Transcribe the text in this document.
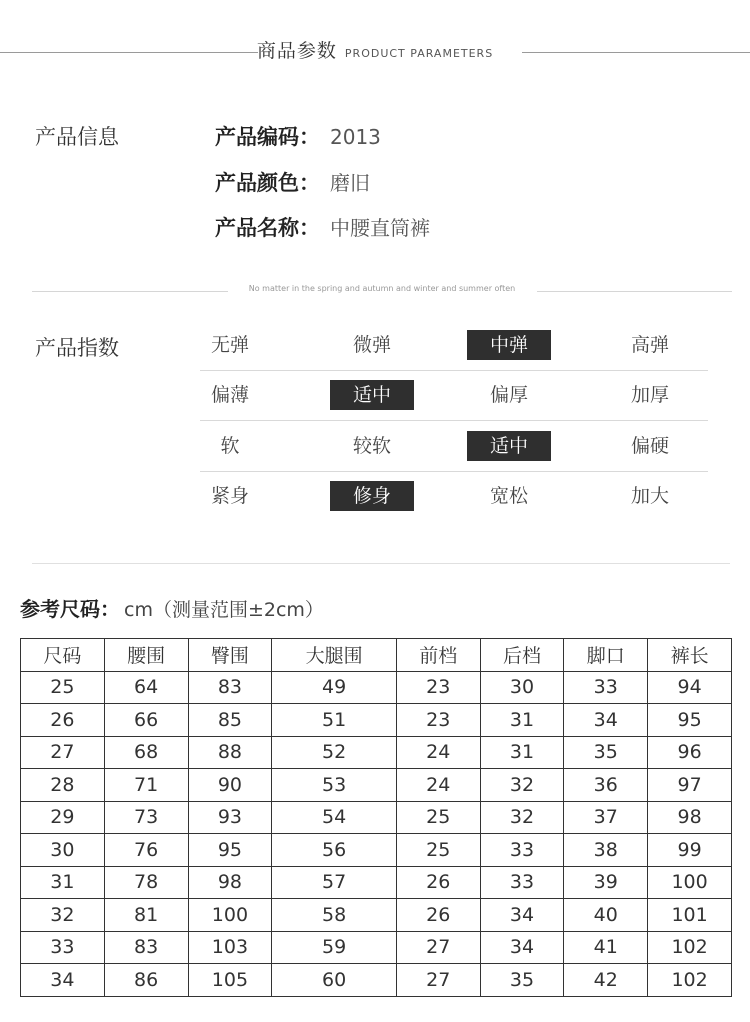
商品参数 PRODUCT PARAMETERS
产品信息	产品编码： 2013
产品颜色： 磨旧
产品名称： 中腰直筒裤
No matter in the spring and autumn and winter and summer often
产品指数	无弹	微弹	中弹	高弹
偏薄	适中	偏厚	加厚
软	较软	适中	偏硬
紧身	修身	宽松	加大
参考尺码： cm（测量范围±2cm）
尺码	腰围	臀围	大腿围	前档	后档	脚口	裤长
25	64	83	49	23	30	33	94
26	66	85	51	23	31	34	95
27	68	88	52	24	31	35	96
28	71	90	53	24	32	36	97
29	73	93	54	25	32	37	98
30	76	95	56	25	33	38	99
31	78	98	57	26	33	39	100
32	81	100	58	26	34	40	101
33	83	103	59	27	34	41	102
34	86	105	60	27	35	42	102
